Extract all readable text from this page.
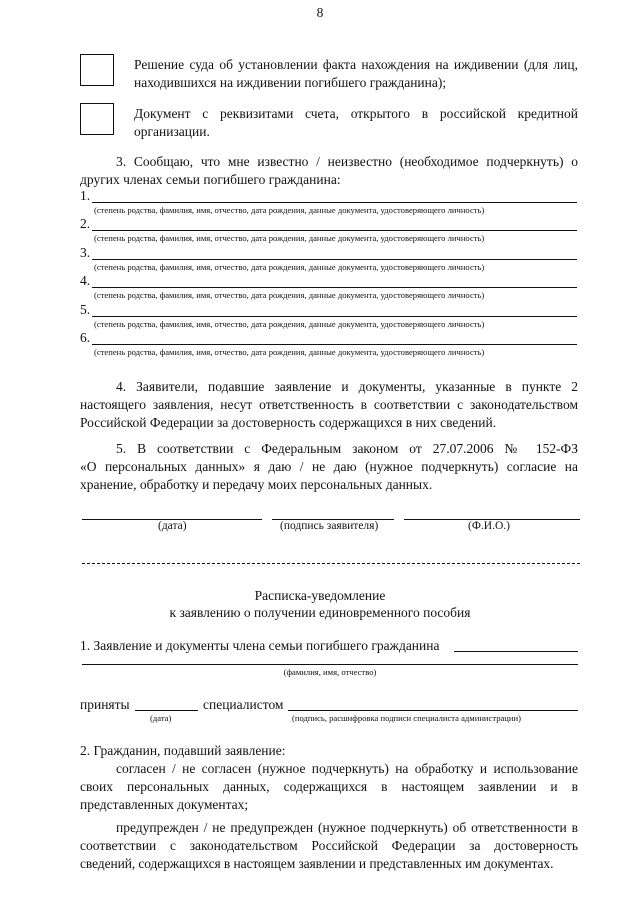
8
Решение суда об установлении факта нахождения на иждивении (для лиц,
находившихся на иждивении погибшего гражданина);
Документ с реквизитами счета, открытого в российской кредитной
организации.
3. Сообщаю, что мне известно / неизвестно (необходимое подчеркнуть) о
других членах семьи погибшего гражданина:
1.
(степень родства, фамилия, имя, отчество, дата рождения, данные документа, удостоверяющего личность)
2.
(степень родства, фамилия, имя, отчество, дата рождения, данные документа, удостоверяющего личность)
3.
(степень родства, фамилия, имя, отчество, дата рождения, данные документа, удостоверяющего личность)
4.
(степень родства, фамилия, имя, отчество, дата рождения, данные документа, удостоверяющего личность)
5.
(степень родства, фамилия, имя, отчество, дата рождения, данные документа, удостоверяющего личность)
6.
(степень родства, фамилия, имя, отчество, дата рождения, данные документа, удостоверяющего личность)
4. Заявители, подавшие заявление и документы, указанные в пункте 2
настоящего заявления, несут ответственность в соответствии с законодательством
Российской Федерации за достоверность содержащихся в них сведений.
5. В соответствии с Федеральным законом от 27.07.2006 № 152-ФЗ
«О персональных данных» я даю / не даю (нужное подчеркнуть) согласие на
хранение, обработку и передачу моих персональных данных.
(дата)	(подпись заявителя)	(Ф.И.О.)
Расписка-уведомление
к заявлению о получении единовременного пособия
1. Заявление и документы члена семьи погибшего гражданина
(фамилия, имя, отчество)
приняты	специалистом
(дата)	(подпись, расшифровка подписи специалиста администрации)
2. Гражданин, подавший заявление:
согласен / не согласен (нужное подчеркнуть) на обработку и использование
своих персональных данных, содержащихся в настоящем заявлении и в
представленных документах;
предупрежден / не предупрежден (нужное подчеркнуть) об ответственности в
соответствии с законодательством Российской Федерации за достоверность
сведений, содержащихся в настоящем заявлении и представленных им документах.
